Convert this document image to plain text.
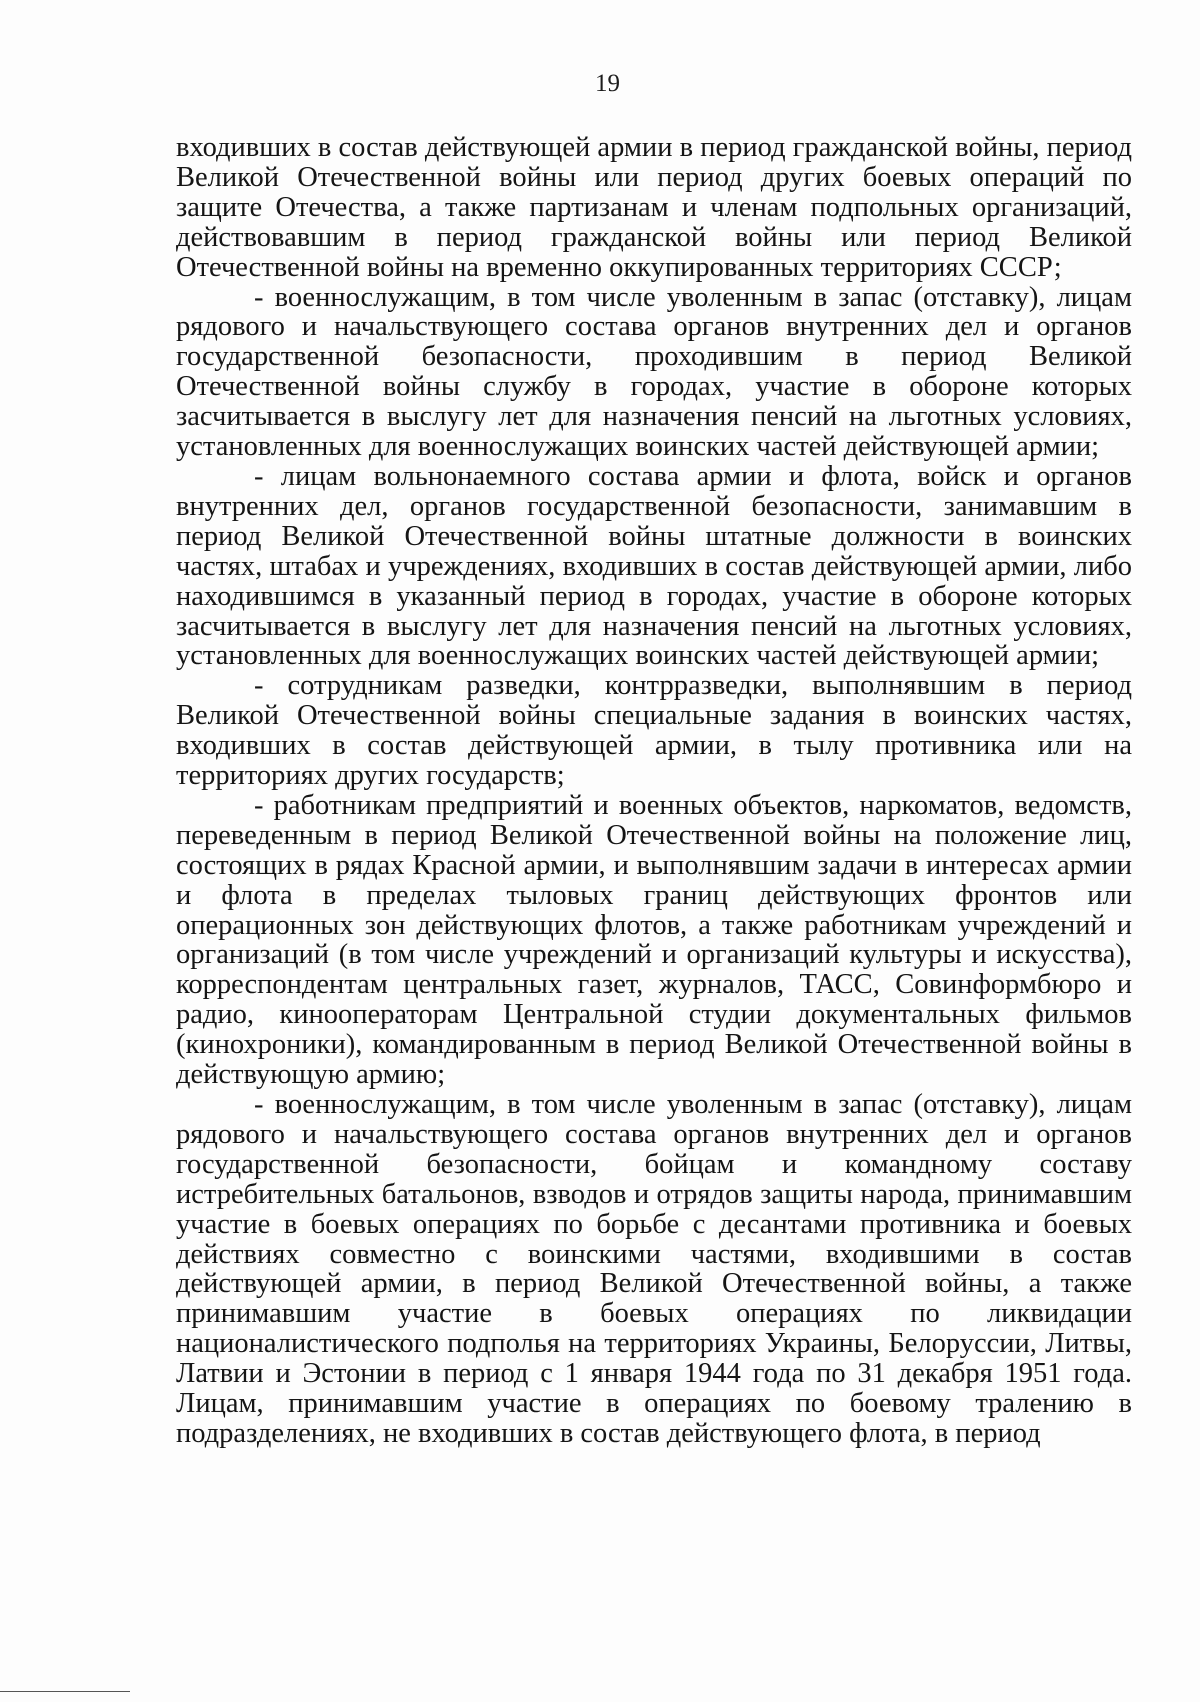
19

входивших в состав действующей армии в период гражданской войны, период Великой Отечественной войны или период других боевых операций по защите Отечества, а также партизанам и членам подпольных организаций, действовавшим в период гражданской войны или период Великой Отечественной войны на временно оккупированных территориях СССР;

- военнослужащим, в том числе уволенным в запас (отставку), лицам рядового и начальствующего состава органов внутренних дел и органов государственной безопасности, проходившим в период Великой Отечественной войны службу в городах, участие в обороне которых засчитывается в выслугу лет для назначения пенсий на льготных условиях, установленных для военнослужащих воинских частей действующей армии;

- лицам вольнонаемного состава армии и флота, войск и органов внутренних дел, органов государственной безопасности, занимавшим в период Великой Отечественной войны штатные должности в воинских частях, штабах и учреждениях, входивших в состав действующей армии, либо находившимся в указанный период в городах, участие в обороне которых засчитывается в выслугу лет для назначения пенсий на льготных условиях, установленных для военнослужащих воинских частей действующей армии;

- сотрудникам разведки, контрразведки, выполнявшим в период Великой Отечественной войны специальные задания в воинских частях, входивших в состав действующей армии, в тылу противника или на территориях других государств;

- работникам предприятий и военных объектов, наркоматов, ведомств, переведенным в период Великой Отечественной войны на положение лиц, состоящих в рядах Красной армии, и выполнявшим задачи в интересах армии и флота в пределах тыловых границ действующих фронтов или операционных зон действующих флотов, а также работникам учреждений и организаций (в том числе учреждений и организаций культуры и искусства), корреспондентам центральных газет, журналов, ТАСС, Совинформбюро и радио, кинооператорам Центральной студии документальных фильмов (кинохроники), командированным в период Великой Отечественной войны в действующую армию;

- военнослужащим, в том числе уволенным в запас (отставку), лицам рядового и начальствующего состава органов внутренних дел и органов государственной безопасности, бойцам и командному составу истребительных батальонов, взводов и отрядов защиты народа, принимавшим участие в боевых операциях по борьбе с десантами противника и боевых действиях совместно с воинскими частями, входившими в состав действующей армии, в период Великой Отечественной войны, а также принимавшим участие в боевых операциях по ликвидации националистического подполья на территориях Украины, Белоруссии, Литвы, Латвии и Эстонии в период с 1 января 1944 года по 31 декабря 1951 года. Лицам, принимавшим участие в операциях по боевому тралению в подразделениях, не входивших в состав действующего флота, в период
